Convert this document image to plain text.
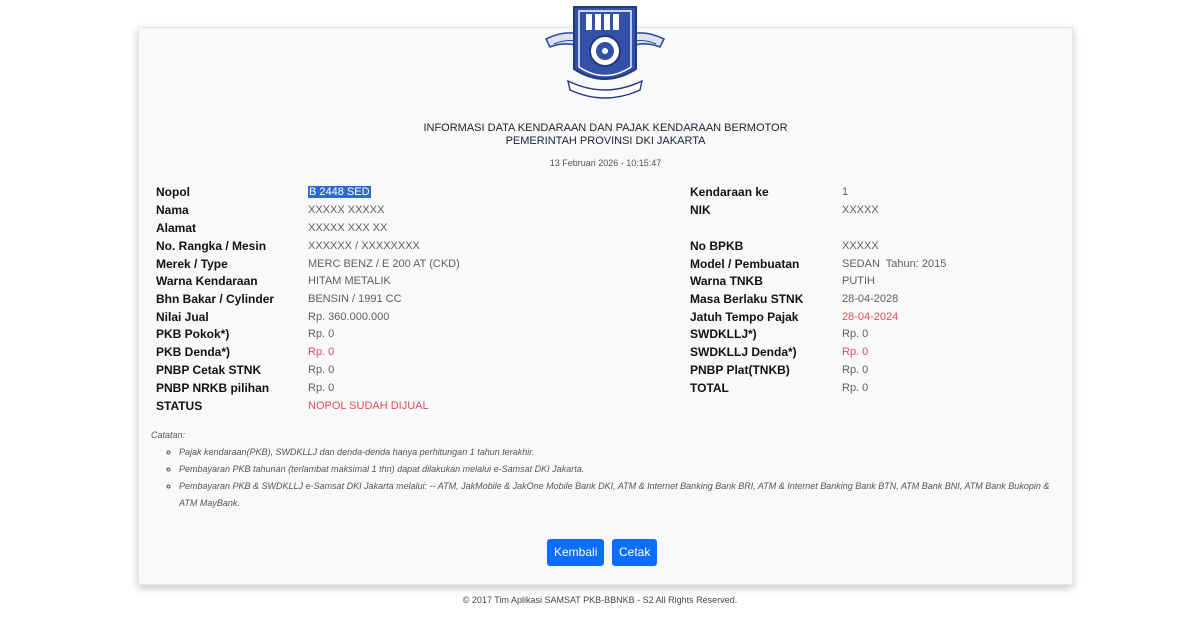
INFORMASI DATA KENDARAAN DAN PAJAK KENDARAAN BERMOTOR
PEMERINTAH PROVINSI DKI JAKARTA
13 Februari 2026 - 10:15:47
Nopol
Nama
Alamat
No. Rangka / Mesin
Merek / Type
Warna Kendaraan
Bhn Bakar / Cylinder
Nilai Jual
PKB Pokok*)
PKB Denda*)
PNBP Cetak STNK
PNBP NRKB pilihan
STATUS
B 2448 SED
XXXXX XXXXX
XXXXX XXX XX
XXXXXX / XXXXXXXX
MERC BENZ / E 200 AT (CKD)
HITAM METALIK
BENSIN / 1991 CC
Rp. 360.000.000
Rp. 0
Rp. 0
Rp. 0
Rp. 0
NOPOL SUDAH DIJUAL
Kendaraan ke
NIK
No BPKB
Model / Pembuatan
Warna TNKB
Masa Berlaku STNK
Jatuh Tempo Pajak
SWDKLLJ*)
SWDKLLJ Denda*)
PNBP Plat(TNKB)
TOTAL
1
XXXXX
XXXXX
SEDAN  Tahun: 2015
PUTIH
28-04-2028
28-04-2024
Rp. 0
Rp. 0
Rp. 0
Rp. 0
Catatan:
◦ Pajak kendaraan(PKB), SWDKLLJ dan denda-denda hanya perhitungan 1 tahun terakhir.
◦ Pembayaran PKB tahunan (terlambat maksimal 1 thn) dapat dilakukan melalui e-Samsat DKI Jakarta.
◦ Pembayaran PKB & SWDKLLJ e-Samsat DKI Jakarta melalui: -- ATM, JakMobile & JakOne Mobile Bank DKI, ATM & Internet Banking Bank BRI, ATM & Internet Banking Bank BTN, ATM Bank BNI, ATM Bank Bukopin & ATM MayBank.
Kembali	Cetak
© 2017 Tim Aplikasi SAMSAT PKB-BBNKB - S2 All Rights Reserved.
